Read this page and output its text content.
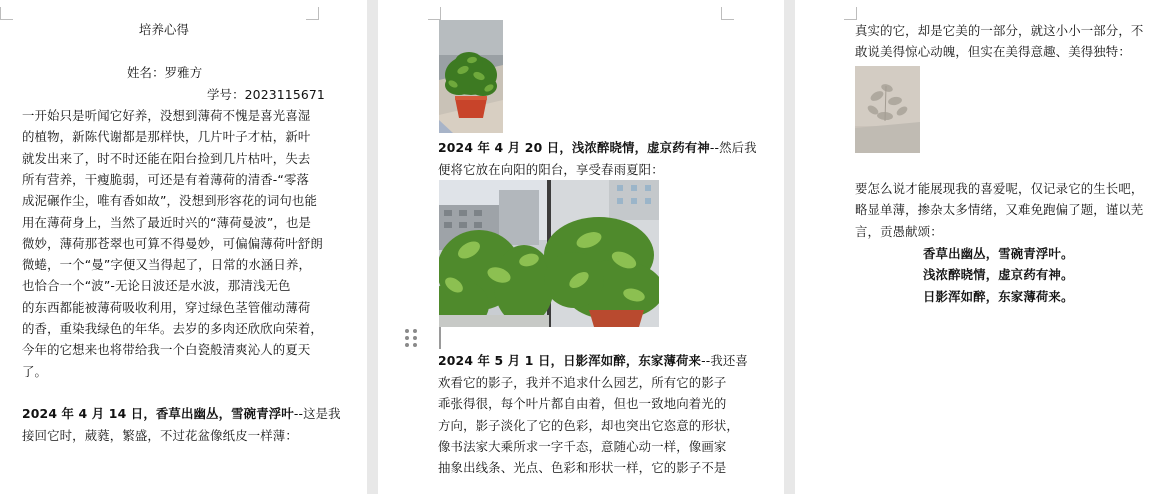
培养心得

姓名：罗雅方

学号：2023115671

一开始只是听闻它好养，没想到薄荷不愧是喜光喜湿

的植物，新陈代谢都是那样快，几片叶子才枯，新叶

就发出来了，时不时还能在阳台捡到几片枯叶，失去

所有营养，干瘦脆弱，可还是有着薄荷的清香-“零落

成泥碾作尘，唯有香如故”，没想到形容花的词句也能

用在薄荷身上，当然了最近时兴的“薄荷曼波”，也是

微妙，薄荷那苍翠也可算不得曼妙，可偏偏薄荷叶舒朗

微蜷，一个“曼”字便又当得起了，日常的水涵日养，

也恰合一个“波”-无论日波还是水波，那清浅无色

的东西都能被薄荷吸收利用，穿过绿色茎管催动薄荷

的香，重染我绿色的年华。去岁的多肉还欣欣向荣着，

今年的它想来也将带给我一个白瓷般清爽沁人的夏天

了。

2024 年 4 月 14 日，香草出幽丛，雪碗青浮叶--这是我

接回它时，葳蕤，繁盛，不过花盆像纸皮一样薄：

2024 年 4 月 20 日，浅浓醉晓情，虚京药有神--然后我

便将它放在向阳的阳台，享受春雨夏阳：

2024 年 5 月 1 日，日影浑如醉，东家薄荷来--我还喜

欢看它的影子，我并不追求什么园艺，所有它的影子

乖张得很，每个叶片都自由着，但也一致地向着光的

方向，影子淡化了它的色彩，却也突出它恣意的形状，

像书法家大乘所求一字千态，意随心动一样，像画家

抽象出线条、光点、色彩和形状一样，它的影子不是

真实的它，却是它美的一部分，就这小小一部分，不

敢说美得惊心动魄，但实在美得意趣、美得独特：

要怎么说才能展现我的喜爱呢，仅记录它的生长吧，

略显单薄，掺杂太多情绪，又难免跑偏了题，谨以芜

言，贡愚献颂：

香草出幽丛，雪碗青浮叶。

浅浓醉晓情，虚京药有神。

日影浑如醉，东家薄荷来。
